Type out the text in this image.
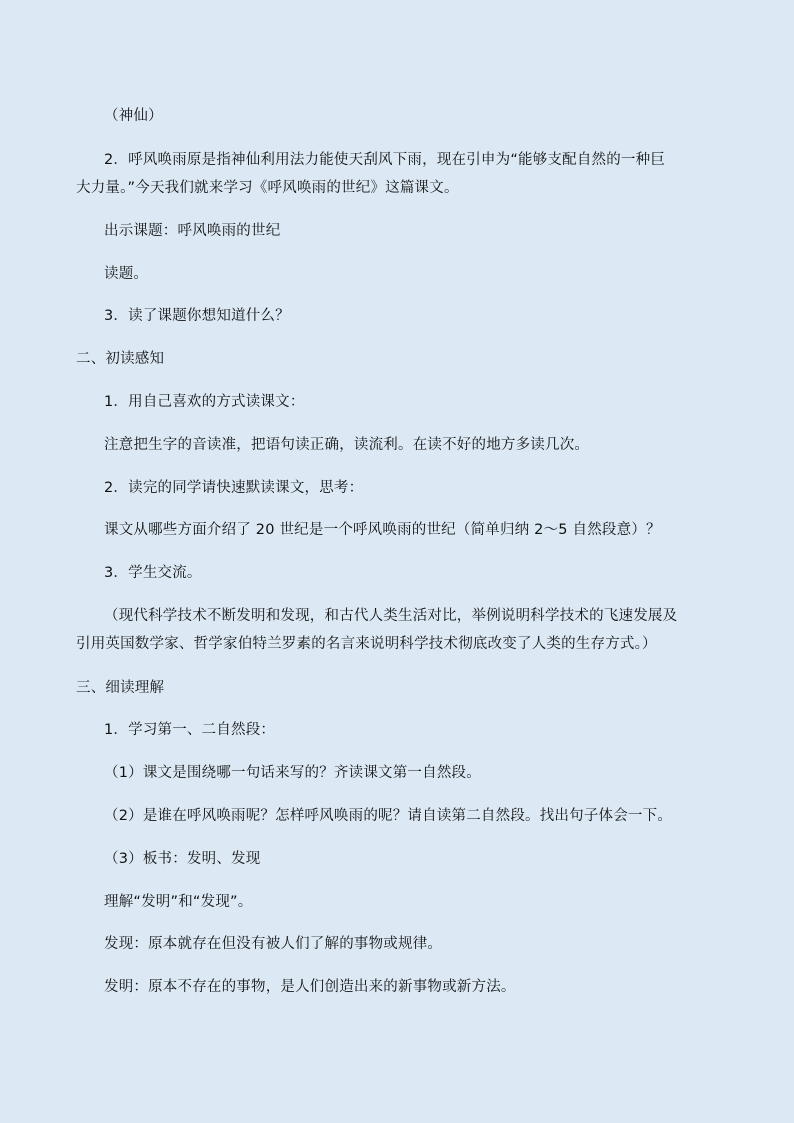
（神仙）
2．呼风唤雨原是指神仙利用法力能使天刮风下雨，现在引申为“能够支配自然的一种巨
大力量。”今天我们就来学习《呼风唤雨的世纪》这篇课文。
出示课题：呼风唤雨的世纪
读题。
3．读了课题你想知道什么？
二、初读感知
1．用自己喜欢的方式读课文：
注意把生字的音读准，把语句读正确，读流利。在读不好的地方多读几次。
2．读完的同学请快速默读课文，思考：
课文从哪些方面介绍了 20 世纪是一个呼风唤雨的世纪（简单归纳 2～5 自然段意）？
3．学生交流。
（现代科学技术不断发明和发现，和古代人类生活对比，举例说明科学技术的飞速发展及
引用英国数学家、哲学家伯特兰罗素的名言来说明科学技术彻底改变了人类的生存方式。）
三、细读理解
1．学习第一、二自然段：
（1）课文是围绕哪一句话来写的？齐读课文第一自然段。
（2）是谁在呼风唤雨呢？怎样呼风唤雨的呢？请自读第二自然段。找出句子体会一下。
（3）板书：发明、发现
理解“发明”和“发现”。
发现：原本就存在但没有被人们了解的事物或规律。
发明：原本不存在的事物，是人们创造出来的新事物或新方法。
